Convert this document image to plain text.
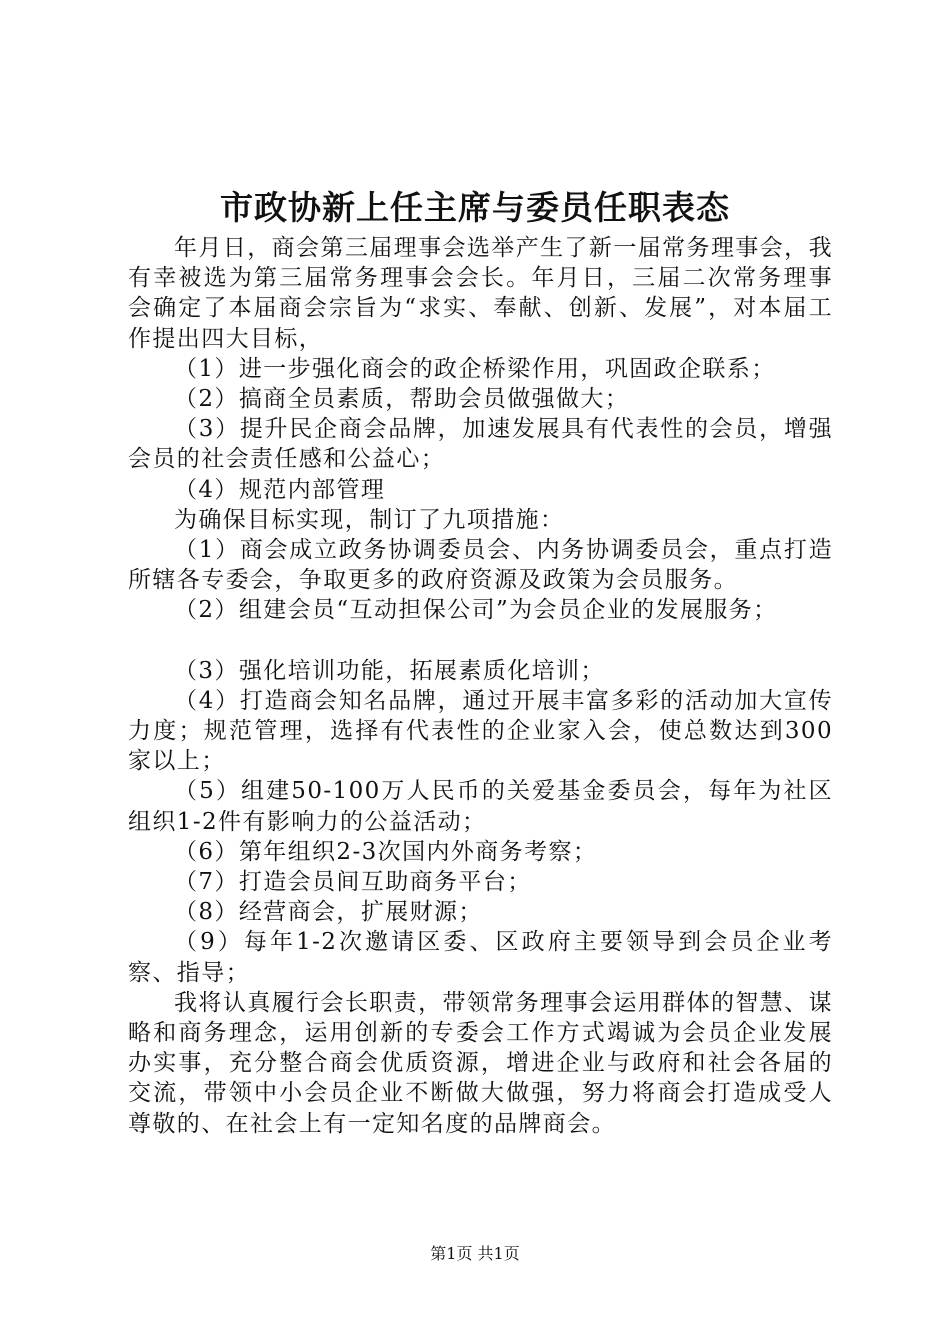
市政协新上任主席与委员任职表态

年月日，商会第三届理事会选举产生了新一届常务理事会，我有幸被选为第三届常务理事会会长。年月日，三届二次常务理事会确定了本届商会宗旨为“求实、奉献、创新、发展”，对本届工作提出四大目标，

（1）进一步强化商会的政企桥梁作用，巩固政企联系；

（2）搞商全员素质，帮助会员做强做大；

（3）提升民企商会品牌，加速发展具有代表性的会员，增强会员的社会责任感和公益心；

（4）规范内部管理

为确保目标实现，制订了九项措施：

（1）商会成立政务协调委员会、内务协调委员会，重点打造所辖各专委会，争取更多的政府资源及政策为会员服务。

（2）组建会员“互动担保公司”为会员企业的发展服务；

（3）强化培训功能，拓展素质化培训；

（4）打造商会知名品牌，通过开展丰富多彩的活动加大宣传力度；规范管理，选择有代表性的企业家入会，使总数达到300家以上；

（5）组建50-100万人民币的关爱基金委员会，每年为社区组织1-2件有影响力的公益活动；

（6）第年组织2-3次国内外商务考察；

（7）打造会员间互助商务平台；

（8）经营商会，扩展财源；

（9）每年1-2次邀请区委、区政府主要领导到会员企业考察、指导；

我将认真履行会长职责，带领常务理事会运用群体的智慧、谋略和商务理念，运用创新的专委会工作方式竭诚为会员企业发展办实事，充分整合商会优质资源，增进企业与政府和社会各届的交流，带领中小会员企业不断做大做强，努力将商会打造成受人尊敬的、在社会上有一定知名度的品牌商会。

第1页 共1页
